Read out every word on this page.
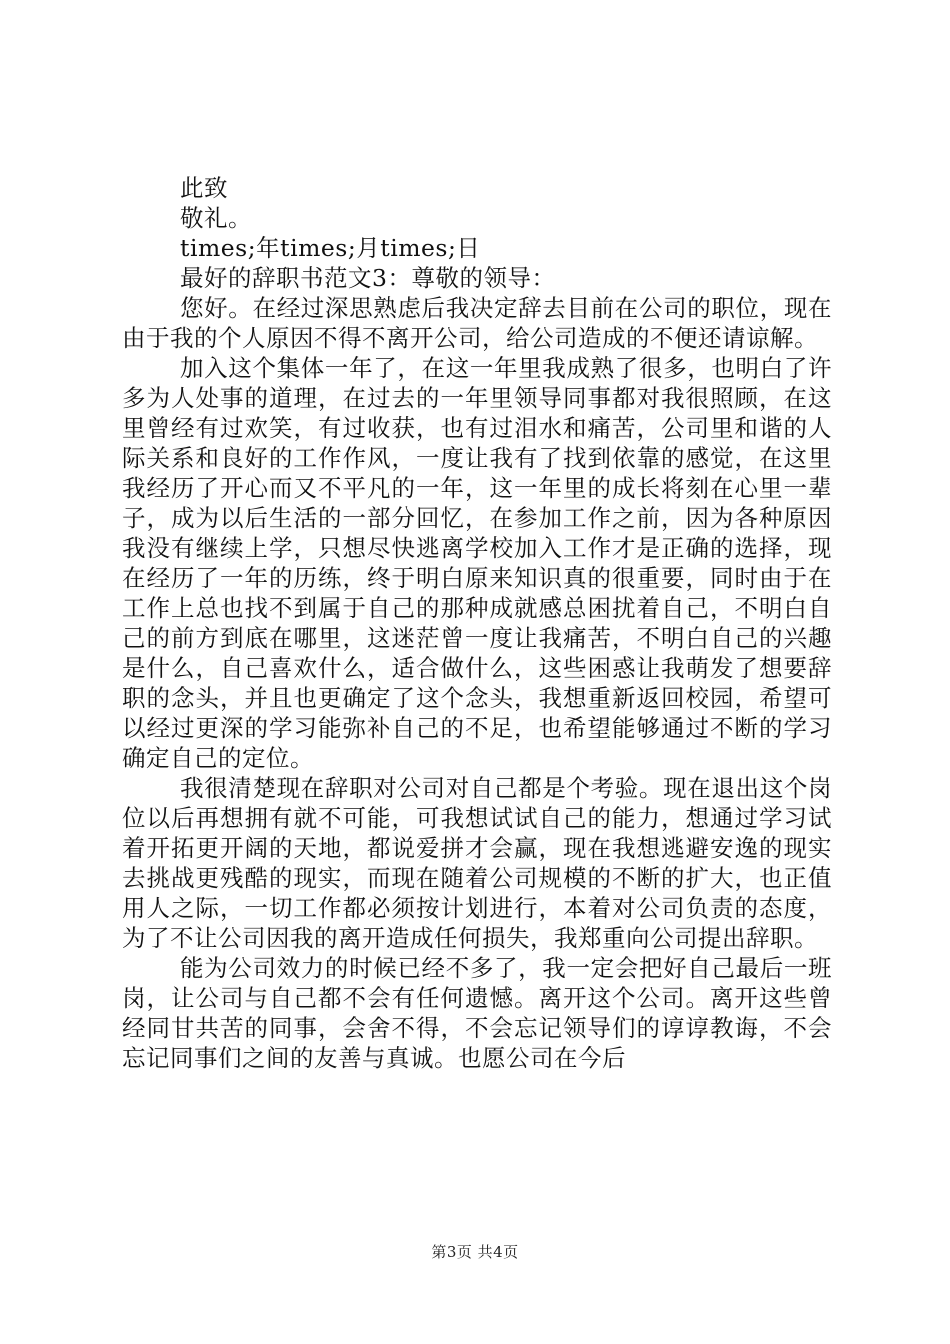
此致

敬礼。

times;年times;月times;日

最好的辞职书范文3：尊敬的领导：

您好。在经过深思熟虑后我决定辞去目前在公司的职位，现在由于我的个人原因不得不离开公司，给公司造成的不便还请谅解。

加入这个集体一年了，在这一年里我成熟了很多，也明白了许多为人处事的道理，在过去的一年里领导同事都对我很照顾，在这里曾经有过欢笑，有过收获，也有过泪水和痛苦，公司里和谐的人际关系和良好的工作作风，一度让我有了找到依靠的感觉，在这里我经历了开心而又不平凡的一年，这一年里的成长将刻在心里一辈子，成为以后生活的一部分回忆，在参加工作之前，因为各种原因我没有继续上学，只想尽快逃离学校加入工作才是正确的选择，现在经历了一年的历练，终于明白原来知识真的很重要，同时由于在工作上总也找不到属于自己的那种成就感总困扰着自己，不明白自己的前方到底在哪里，这迷茫曾一度让我痛苦，不明白自己的兴趣是什么，自己喜欢什么，适合做什么，这些困惑让我萌发了想要辞职的念头，并且也更确定了这个念头，我想重新返回校园，希望可以经过更深的学习能弥补自己的不足，也希望能够通过不断的学习确定自己的定位。

我很清楚现在辞职对公司对自己都是个考验。现在退出这个岗位以后再想拥有就不可能，可我想试试自己的能力，想通过学习试着开拓更开阔的天地，都说爱拼才会赢，现在我想逃避安逸的现实去挑战更残酷的现实，而现在随着公司规模的不断的扩大，也正值用人之际，一切工作都必须按计划进行，本着对公司负责的态度，为了不让公司因我的离开造成任何损失，我郑重向公司提出辞职。

能为公司效力的时候已经不多了，我一定会把好自己最后一班岗，让公司与自己都不会有任何遗憾。离开这个公司。离开这些曾经同甘共苦的同事，会舍不得，不会忘记领导们的谆谆教诲，不会忘记同事们之间的友善与真诚。也愿公司在今后

第3页 共4页
